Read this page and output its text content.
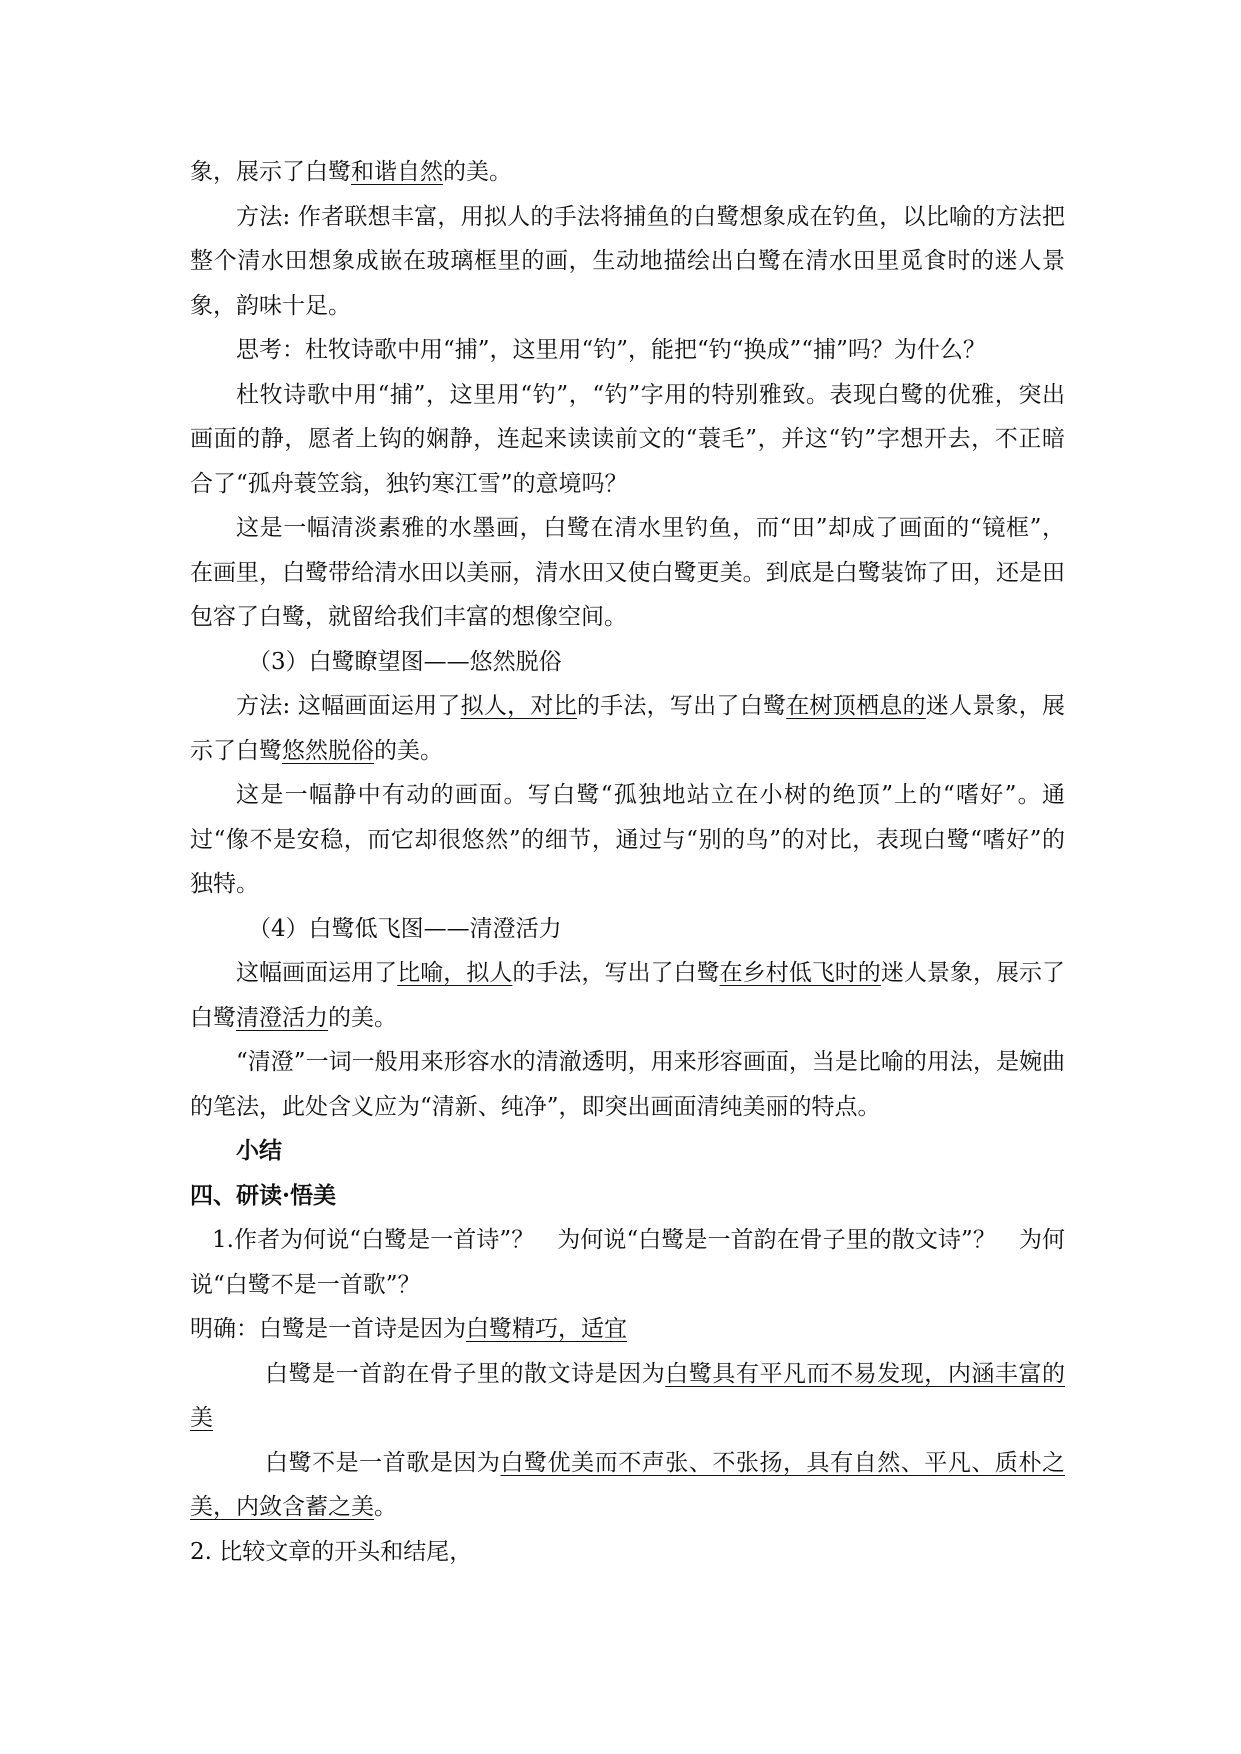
象，展示了白鹭和谐自然的美。

方法: 作者联想丰富，用拟人的手法将捕鱼的白鹭想象成在钓鱼，以比喻的方法把整个清水田想象成嵌在玻璃框里的画，生动地描绘出白鹭在清水田里觅食时的迷人景象，韵味十足。

思考：杜牧诗歌中用“捕”，这里用“钓”，能把“钓“换成”“捕”吗？为什么？

杜牧诗歌中用“捕”，这里用“钓”，“钓”字用的特别雅致。表现白鹭的优雅，突出画面的静，愿者上钩的娴静，连起来读读前文的“蓑毛”，并这“钓”字想开去，不正暗合了“孤舟蓑笠翁，独钓寒江雪”的意境吗？

这是一幅清淡素雅的水墨画，白鹭在清水里钓鱼，而“田”却成了画面的“镜框”，在画里，白鹭带给清水田以美丽，清水田又使白鹭更美。到底是白鹭装饰了田，还是田包容了白鹭，就留给我们丰富的想像空间。

（3）白鹭瞭望图——悠然脱俗

方法: 这幅画面运用了拟人，对比的手法，写出了白鹭在树顶栖息的迷人景象，展示了白鹭悠然脱俗的美。

这是一幅静中有动的画面。写白鹭“孤独地站立在小树的绝顶”上的“嗜好”。通过“像不是安稳，而它却很悠然”的细节，通过与“别的鸟”的对比，表现白鹭“嗜好”的独特。

（4）白鹭低飞图——清澄活力

这幅画面运用了比喻，拟人的手法，写出了白鹭在乡村低飞时的迷人景象，展示了白鹭清澄活力的美。

“清澄”一词一般用来形容水的清澈透明，用来形容画面，当是比喻的用法，是婉曲的笔法，此处含义应为“清新、纯净”，即突出画面清纯美丽的特点。

小结

四、研读·悟美

1.作者为何说“白鹭是一首诗”？　为何说“白鹭是一首韵在骨子里的散文诗”？　为何说“白鹭不是一首歌”？

明确：白鹭是一首诗是因为白鹭精巧，适宜

白鹭是一首韵在骨子里的散文诗是因为白鹭具有平凡而不易发现，内涵丰富的美

白鹭不是一首歌是因为白鹭优美而不声张、不张扬，具有自然、平凡、质朴之美，内敛含蓄之美。

2. 比较文章的开头和结尾，
